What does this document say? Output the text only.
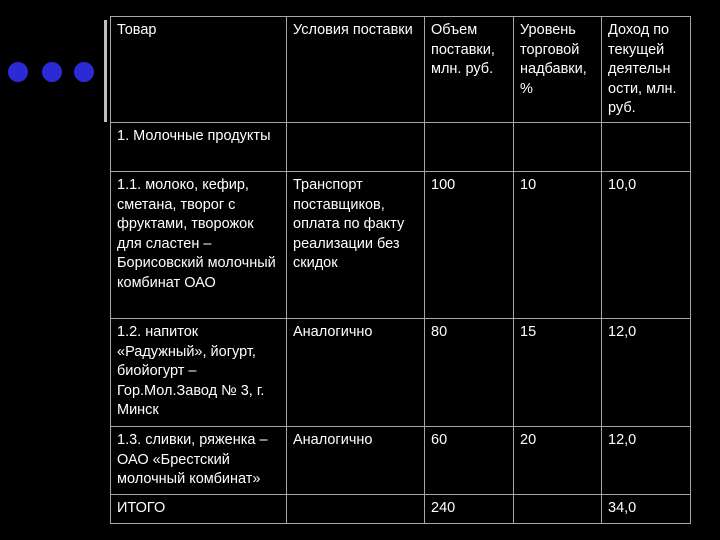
Товар	Условия поставки	Объем поставки, млн. руб.	Уровень торговой надбавки, %	Доход по текущей деятельн ости, млн. руб.
1. Молочные продукты				
1.1. молоко, кефир, сметана, творог с фруктами, творожок для сластен – Борисовский молочный комбинат ОАО	Транспорт поставщиков, оплата по факту реализации без скидок	100	10	10,0
1.2. напиток «Радужный», йогурт, биойогурт – Гор.Мол.Завод № 3, г. Минск	Аналогично	80	15	12,0
1.3. сливки, ряженка – ОАО «Брестский молочный комбинат»	Аналогично	60	20	12,0
ИТОГО		240		34,0
